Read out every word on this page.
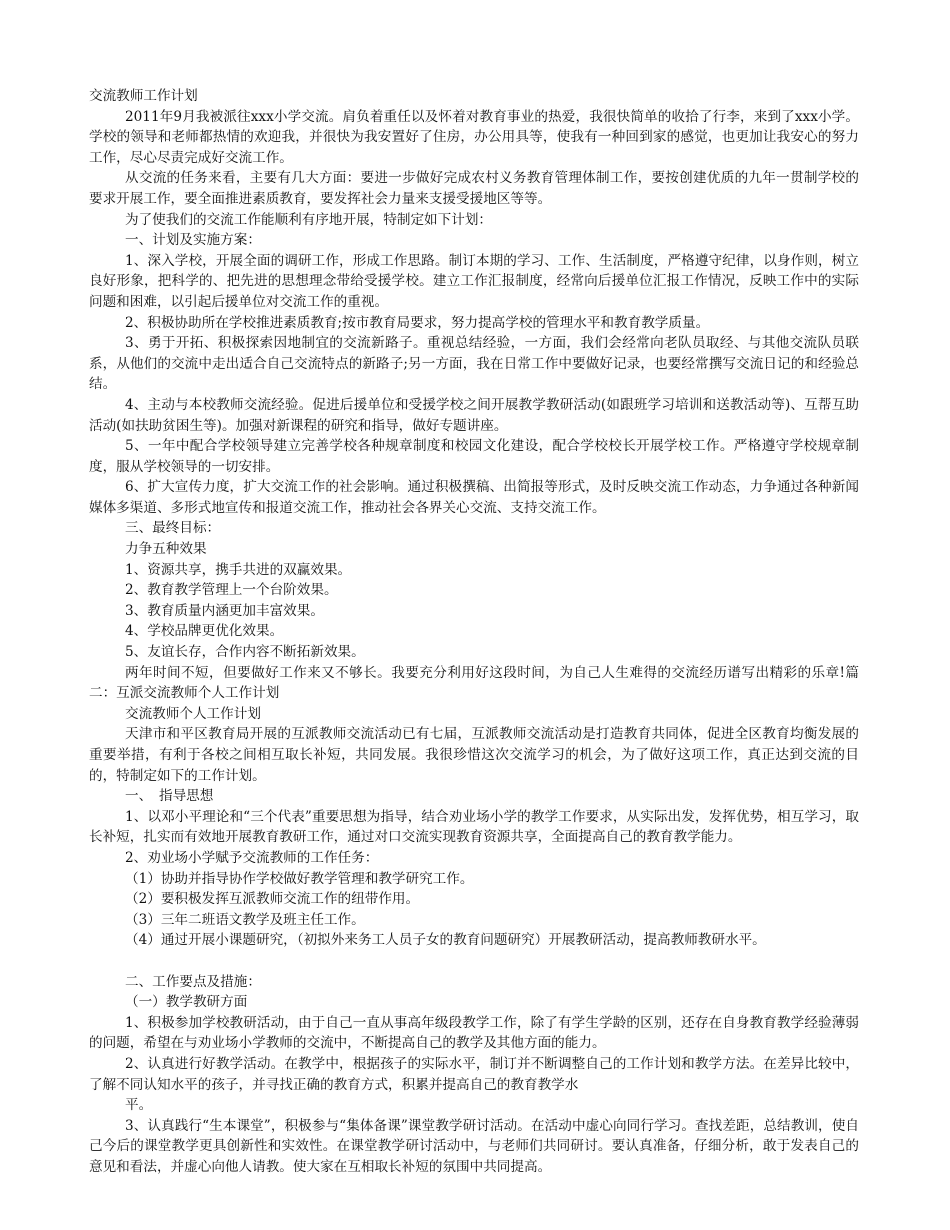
交流教师工作计划

2011年9月我被派往xxx小学交流。肩负着重任以及怀着对教育事业的热爱，我很快简单的收拾了行李，来到了xxx小学。学校的领导和老师都热情的欢迎我，并很快为我安置好了住房，办公用具等，使我有一种回到家的感觉，也更加让我安心的努力工作，尽心尽责完成好交流工作。

从交流的任务来看，主要有几大方面：要进一步做好完成农村义务教育管理体制工作，要按创建优质的九年一贯制学校的要求开展工作，要全面推进素质教育，要发挥社会力量来支援受援地区等等。

为了使我们的交流工作能顺利有序地开展，特制定如下计划：

一、计划及实施方案：

1、深入学校，开展全面的调研工作，形成工作思路。制订本期的学习、工作、生活制度，严格遵守纪律，以身作则，树立良好形象，把科学的、把先进的思想理念带给受援学校。建立工作汇报制度，经常向后援单位汇报工作情况，反映工作中的实际问题和困难，以引起后援单位对交流工作的重视。

2、积极协助所在学校推进素质教育;按市教育局要求，努力提高学校的管理水平和教育教学质量。

3、勇于开拓、积极探索因地制宜的交流新路子。重视总结经验，一方面，我们会经常向老队员取经、与其他交流队员联系，从他们的交流中走出适合自己交流特点的新路子;另一方面，我在日常工作中要做好记录，也要经常撰写交流日记的和经验总结。

4、主动与本校教师交流经验。促进后援单位和受援学校之间开展教学教研活动(如跟班学习培训和送教活动等)、互帮互助活动(如扶助贫困生等)。加强对新课程的研究和指导，做好专题讲座。

5、一年中配合学校领导建立完善学校各种规章制度和校园文化建设，配合学校校长开展学校工作。严格遵守学校规章制度，服从学校领导的一切安排。

6、扩大宣传力度，扩大交流工作的社会影响。通过积极撰稿、出简报等形式，及时反映交流工作动态，力争通过各种新闻媒体多渠道、多形式地宣传和报道交流工作，推动社会各界关心交流、支持交流工作。

三、最终目标：

力争五种效果

1、资源共享，携手共进的双赢效果。

2、教育教学管理上一个台阶效果。

3、教育质量内涵更加丰富效果。

4、学校品牌更优化效果。

5、友谊长存，合作内容不断拓新效果。

两年时间不短，但要做好工作来又不够长。我要充分利用好这段时间，为自己人生难得的交流经历谱写出精彩的乐章!篇二：互派交流教师个人工作计划

交流教师个人工作计划

天津市和平区教育局开展的互派教师交流活动已有七届，互派教师交流活动是打造教育共同体，促进全区教育均衡发展的重要举措，有利于各校之间相互取长补短，共同发展。我很珍惜这次交流学习的机会，为了做好这项工作，真正达到交流的目的，特制定如下的工作计划。

一、　指导思想

1、以邓小平理论和“三个代表”重要思想为指导，结合劝业场小学的教学工作要求，从实际出发，发挥优势，相互学习，取长补短，扎实而有效地开展教育教研工作，通过对口交流实现教育资源共享，全面提高自己的教育教学能力。

2、劝业场小学赋予交流教师的工作任务：

（1）协助并指导协作学校做好教学管理和教学研究工作。

（2）要积极发挥互派教师交流工作的纽带作用。

（3）三年二班语文教学及班主任工作。

（4）通过开展小课题研究，（初拟外来务工人员子女的教育问题研究）开展教研活动，提高教师教研水平。

二、工作要点及措施：

（一）教学教研方面

1、积极参加学校教研活动，由于自己一直从事高年级段教学工作，除了有学生学龄的区别，还存在自身教育教学经验薄弱的问题，希望在与劝业场小学教师的交流中，不断提高自己的教学及其他方面的能力。

2、认真进行好教学活动。在教学中，根据孩子的实际水平，制订并不断调整自己的工作计划和教学方法。在差异比较中，了解不同认知水平的孩子，并寻找正确的教育方式，积累并提高自己的教育教学水

平。

3、认真践行“生本课堂”，积极参与“集体备课”课堂教学研讨活动。在活动中虚心向同行学习。查找差距，总结教训，使自己今后的课堂教学更具创新性和实效性。在课堂教学研讨活动中，与老师们共同研讨。要认真准备，仔细分析，敢于发表自己的意见和看法，并虚心向他人请教。使大家在互相取长补短的氛围中共同提高。
